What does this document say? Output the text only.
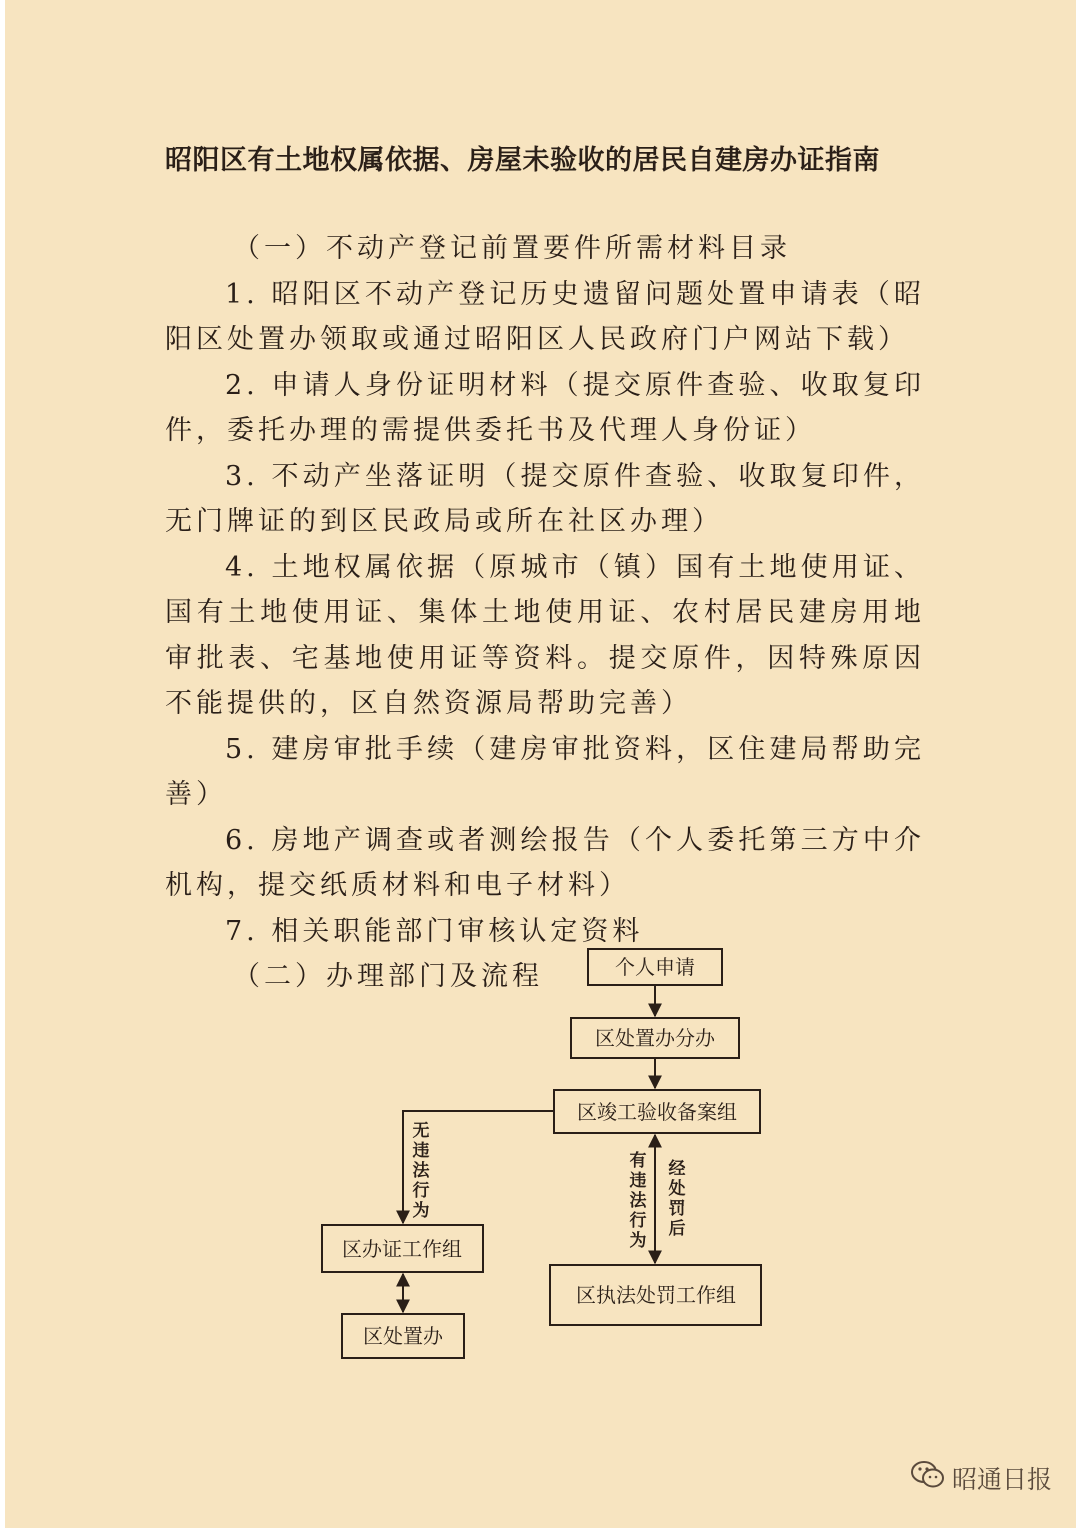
昭阳区有土地权属依据、房屋未验收的居民自建房办证指南

（一）不动产登记前置要件所需材料目录

1. 昭阳区不动产登记历史遗留问题处置申请表（昭阳区处置办领取或通过昭阳区人民政府门户网站下载）

2. 申请人身份证明材料（提交原件查验、收取复印件，委托办理的需提供委托书及代理人身份证）

3. 不动产坐落证明（提交原件查验、收取复印件，无门牌证的到区民政局或所在社区办理）

4. 土地权属依据（原城市（镇）国有土地使用证、国有土地使用证、集体土地使用证、农村居民建房用地审批表、宅基地使用证等资料。提交原件，因特殊原因不能提供的，区自然资源局帮助完善）

5. 建房审批手续（建房审批资料，区住建局帮助完善）

6. 房地产调查或者测绘报告（个人委托第三方中介机构，提交纸质材料和电子材料）

7. 相关职能部门审核认定资料

（二）办理部门及流程	个人申请
区处置办分办
区竣工验收备案组
区办证工作组
区处置办
区执法处罚工作组
无违法行为
有违法行为
经处罚后
昭通日报
